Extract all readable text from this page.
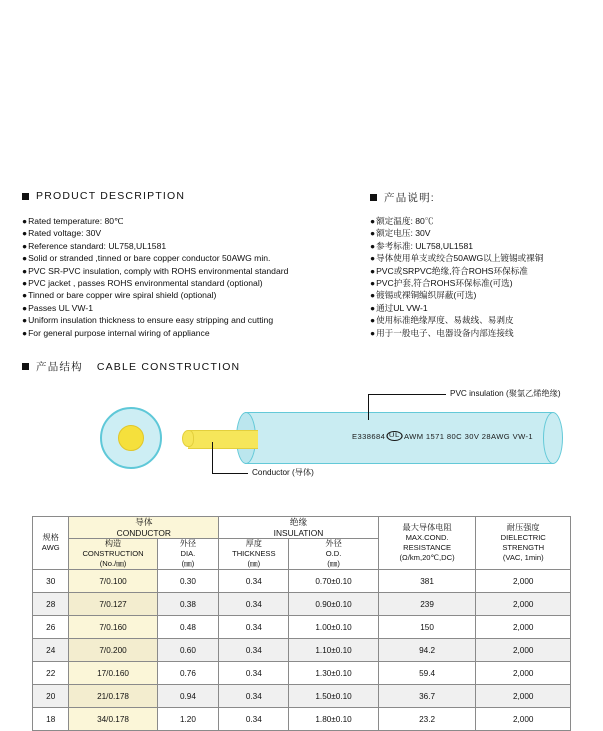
PRODUCT DESCRIPTION	产品说明:
● Rated temperature: 80℃
● Rated voltage: 30V
● Reference standard: UL758,UL1581
● Solid or stranded ,tinned or bare copper conductor 50AWG min.
● PVC SR-PVC insulation, comply with ROHS environmental standard
● PVC jacket , passes ROHS environmental standard (optional)
● Tinned or bare copper wire spiral shield (optional)
● Passes UL VW-1
● Uniform insulation thickness to ensure easy stripping and cutting
● For general purpose internal wiring of appliance
● 额定温度: 80℃
● 额定电压: 30V
● 参考标准: UL758,UL1581
● 导体使用单支或绞合50AWG以上镀锡或裸铜
● PVC或SRPVC绝缘,符合ROHS环保标准
● PVC护套,符合ROHS环保标准(可选)
● 镀锡或裸铜编织屏蔽(可选)
● 通过UL VW-1
● 使用标准绝缘厚度、易裁线、易剥皮
● 用于一般电子、电器设备内部连接线
产品结构 CABLE CONSTRUCTION
E338684 UL AWM 1571 80C 30V 28AWG VW-1
PVC insulation (聚氯乙烯绝缘)
Conductor (导体)
规格
AWG

导体
CONDUCTOR

绝缘
INSULATION	最大导体电阻
MAX.COND.
RESISTANCE
(Ω/km,20℃,DC)

耐压强度
DIELECTRIC
STRENGTH
(VAC, 1min)

构造
CONSTRUCTION
(No./㎜)

外径
DIA.
(㎜)

厚度
THICKNESS
(㎜)

外径
O.D.
(㎜)

30	7/0.100	0.30	0.34	0.70±0.10	381	2,000
28	7/0.127	0.38	0.34	0.90±0.10	239	2,000
26	7/0.160	0.48	0.34	1.00±0.10	150	2,000
24	7/0.200	0.60	0.34	1.10±0.10	94.2	2,000
22	17/0.160	0.76	0.34	1.30±0.10	59.4	2,000
20	21/0.178	0.94	0.34	1.50±0.10	36.7	2,000
18	34/0.178	1.20	0.34	1.80±0.10	23.2	2,000
